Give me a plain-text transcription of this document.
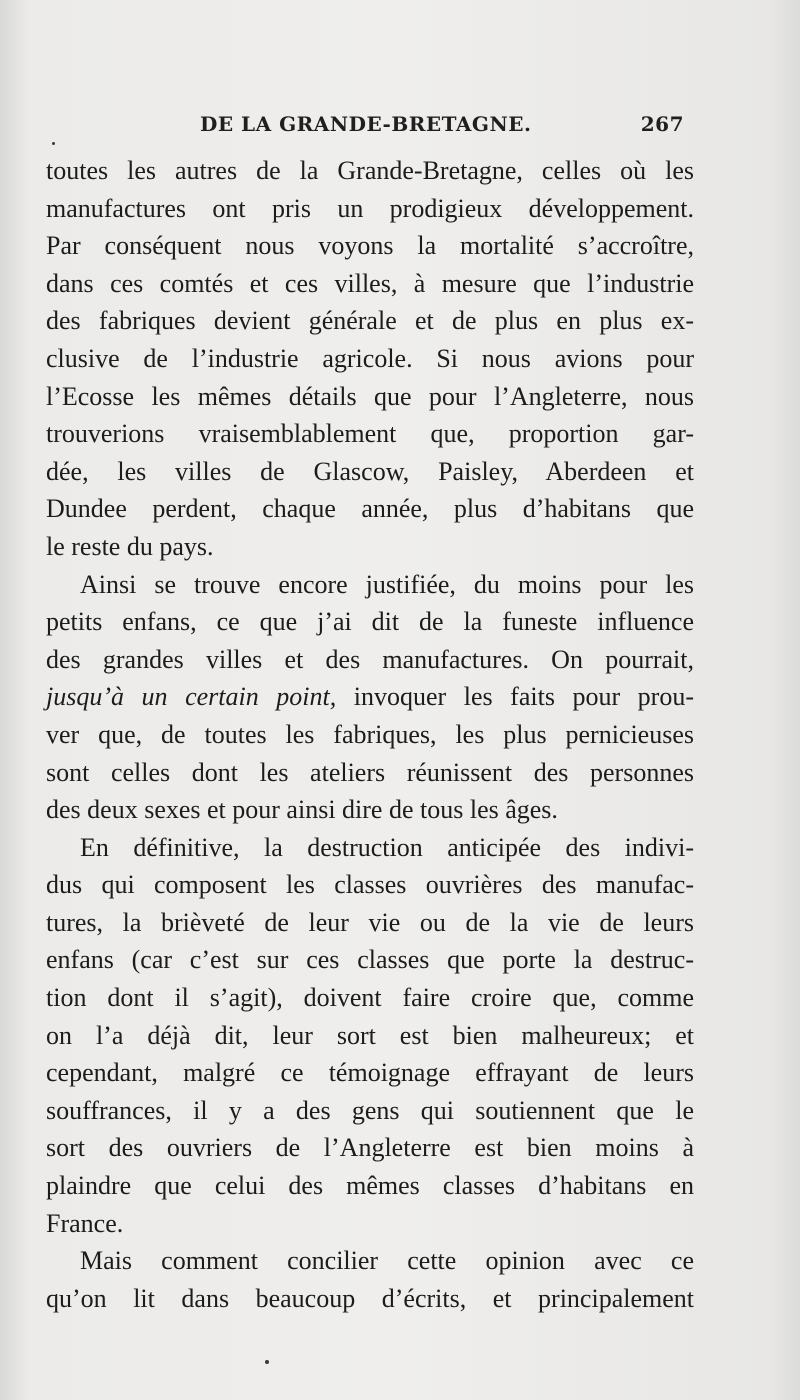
DE LA GRANDE-BRETAGNE.	267
toutes les autres de la Grande-Bretagne, celles où les
manufactures ont pris un prodigieux développement.
Par conséquent nous voyons la mortalité s’accroître,
dans ces comtés et ces villes, à mesure que l’industrie
des fabriques devient générale et de plus en plus ex-
clusive de l’industrie agricole. Si nous avions pour
l’Ecosse les mêmes détails que pour l’Angleterre, nous
trouverions vraisemblablement que, proportion gar-
dée, les villes de Glascow, Paisley, Aberdeen et
Dundee perdent, chaque année, plus d’habitans que
le reste du pays.
Ainsi se trouve encore justifiée, du moins pour les
petits enfans, ce que j’ai dit de la funeste influence
des grandes villes et des manufactures. On pourrait,
jusqu’à un certain point, invoquer les faits pour prou-
ver que, de toutes les fabriques, les plus pernicieuses
sont celles dont les ateliers réunissent des personnes
des deux sexes et pour ainsi dire de tous les âges.
En définitive, la destruction anticipée des indivi-
dus qui composent les classes ouvrières des manufac-
tures, la brièveté de leur vie ou de la vie de leurs
enfans (car c’est sur ces classes que porte la destruc-
tion dont il s’agit), doivent faire croire que, comme
on l’a déjà dit, leur sort est bien malheureux; et
cependant, malgré ce témoignage effrayant de leurs
souffrances, il y a des gens qui soutiennent que le
sort des ouvriers de l’Angleterre est bien moins à
plaindre que celui des mêmes classes d’habitans en
France.
Mais comment concilier cette opinion avec ce
qu’on lit dans beaucoup d’écrits, et principalement
